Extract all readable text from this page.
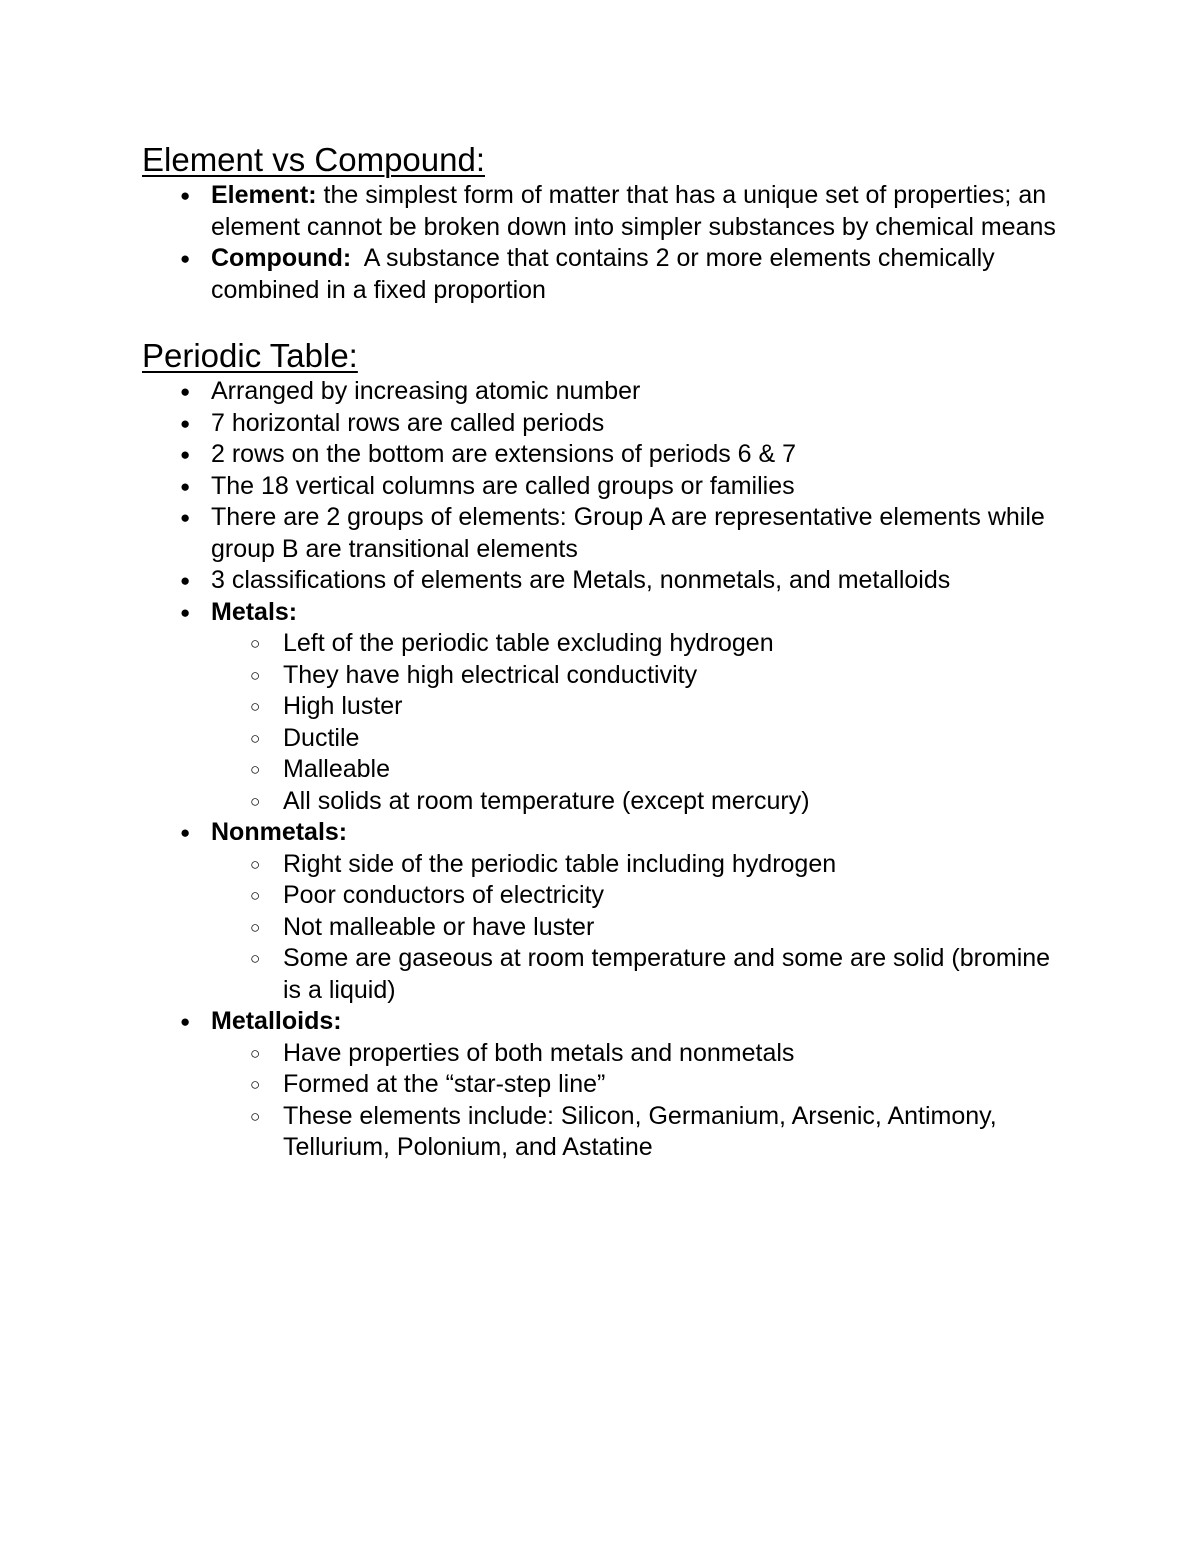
Element vs Compound:
● Element: the simplest form of matter that has a unique set of properties; an element cannot be broken down into simpler substances by chemical means
● Compound:  A substance that contains 2 or more elements chemically combined in a fixed proportion
Periodic Table:
● Arranged by increasing atomic number
● 7 horizontal rows are called periods
● 2 rows on the bottom are extensions of periods 6 & 7
● The 18 vertical columns are called groups or families
● There are 2 groups of elements: Group A are representative elements while group B are transitional elements
● 3 classifications of elements are Metals, nonmetals, and metalloids
● Metals:
○ Left of the periodic table excluding hydrogen
○ They have high electrical conductivity
○ High luster
○ Ductile
○ Malleable
○ All solids at room temperature (except mercury)
● Nonmetals:
○ Right side of the periodic table including hydrogen
○ Poor conductors of electricity
○ Not malleable or have luster
○ Some are gaseous at room temperature and some are solid (bromine is a liquid)
● Metalloids:
○ Have properties of both metals and nonmetals
○ Formed at the “star-step line”
○ These elements include: Silicon, Germanium, Arsenic, Antimony, Tellurium, Polonium, and Astatine
